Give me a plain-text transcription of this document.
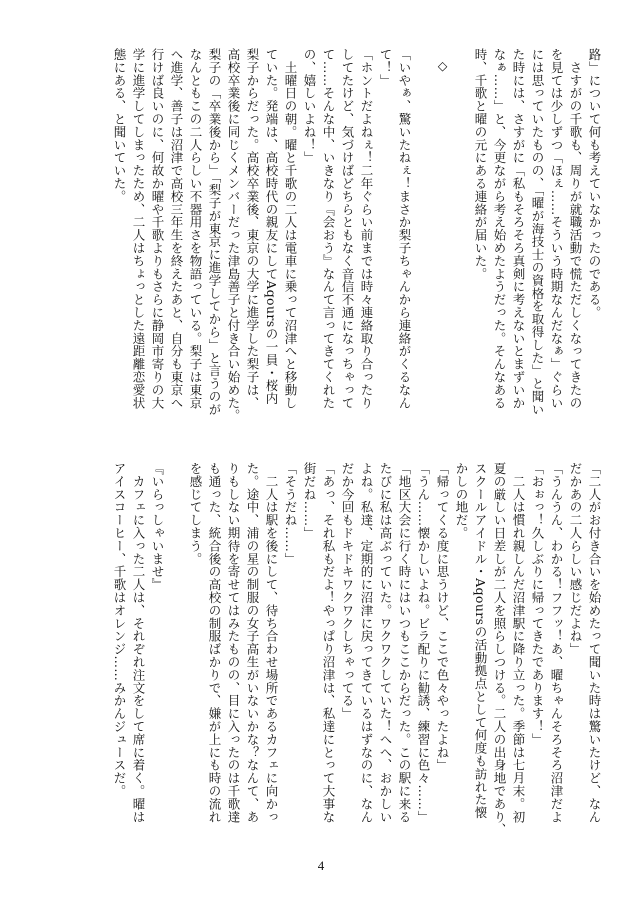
路」について何も考えていなかったのである。
　さすがの千歌も、周りが就職活動で慌ただしくなってきたの
を見ては少しずつ「ほぇ……そういう時期なんだなぁ」ぐらい
には思っていたものの、「曜が海技士の資格を取得した」と聞い
た時には、さすがに「私もそろそろ真剣に考えないとまずいか
なぁ……」と、今更ながら考え始めたようだった。そんなある
時、千歌と曜の元にある連絡が届いた。

◇

「いやぁ、驚いたねぇ！まさか梨子ちゃんから連絡がくるなん
て！」
「ホントだよねぇ！二年ぐらい前までは時々連絡取り合ったり
してたけど、気づけばどちらともなく音信不通になっちゃって
て……そんな中、いきなり『会おう』なんて言ってきてくれた
の、嬉しいよね！」
　土曜日の朝。曜と千歌の二人は電車に乗って沼津へと移動し
ていた。発端は、高校時代の親友にしてAqoursの一員・桜内
梨子からだった。高校卒業後、東京の大学に進学した梨子は、
高校卒業後に同じくメンバーだった津島善子と付き合い始めた。
梨子の「卒業後から」「梨子が東京に進学してから」と言うのが
なんともこの二人らしい不器用さを物語っている。梨子は東京
へ進学、善子は沼津で高校三年生を終えたあと、自分も東京へ
行けば良いのに、何故か曜や千歌よりもさらに静岡市寄りの大
学に進学してしまったため、二人はちょっとした遠距離恋愛状
態にある、と聞いていた。
「二人がお付き合いを始めたって聞いた時は驚いたけど、なん
だかあの二人らしい感じだよね」
「うんうん、わかる！フフッ！あ、曜ちゃんそろそろ沼津だよ
「おぉっ！久しぶりに帰ってきたであります！」
　二人は慣れ親しんだ沼津駅に降り立った。季節は七月末。初
夏の厳しい日差しが二人を照らしつける。二人の出身地であり、
スクールアイドル・Aqoursの活動拠点として何度も訪れた懐
かしの地だ。
「帰ってくる度に思うけど、ここで色々やったよね」
「うん……懐かしいよね。ビラ配りに勧誘、練習に色々……」
「地区大会に行く時にはいつもここからだった。この駅に来る
たびに私は高ぶっていた。ワクワクしていた！へへ、おかしい
よね。私達、定期的に沼津に戻ってきているはずなのに、なん
だか今回もドキドキワクワクしちゃってる」
「あっ、それ私もだよ！やっぱり沼津は、私達にとって大事な
街だね……」
「そうだね……」
　二人は駅を後にして、待ち合わせ場所であるカフェに向かっ
た。途中、浦の星の制服の女子高生がいないかな？なんて、あ
りもしない期待を寄せてはみたものの、目に入ったのは千歌達
も通った、統合後の高校の制服ばかりで、嫌が上にも時の流れ
を感じてしまう。

『いらっしゃいませ』
　カフェに入った二人は、それぞれ注文をして席に着く。曜は
アイスコーヒー、千歌はオレンジ……みかんジュースだ。
4
